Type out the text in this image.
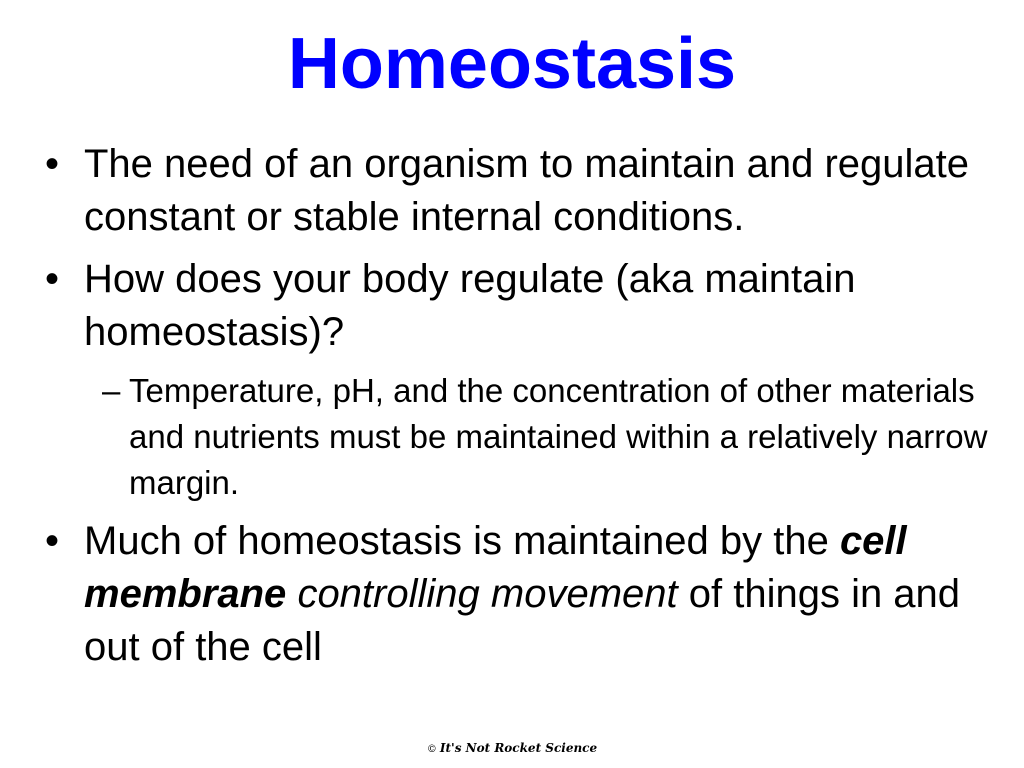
Homeostasis
• The need of an organism to maintain and regulate constant or stable internal conditions.
• How does your body regulate (aka maintain homeostasis)?
– Temperature, pH, and the concentration of other materials and nutrients must be maintained within a relatively narrow margin.
• Much of homeostasis is maintained by the cell membrane controlling movement of things in and out of the cell
© It's Not Rocket Science
